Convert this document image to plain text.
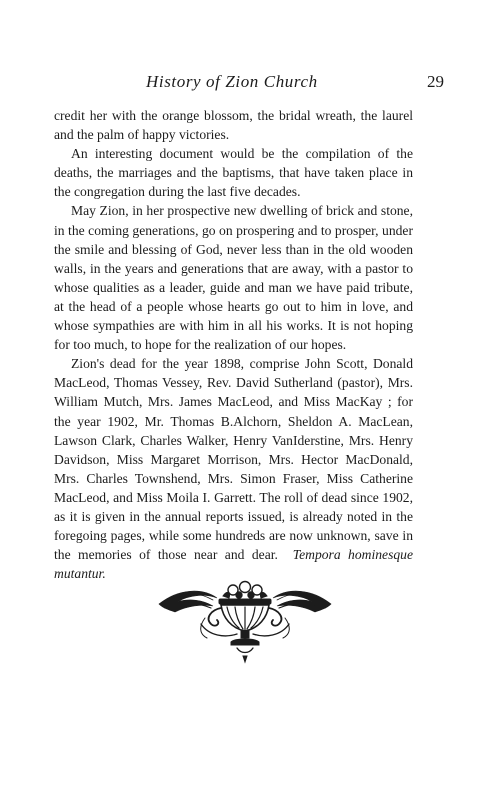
History of Zion Church	29

credit her with the orange blossom, the bridal wreath, the laurel and the palm of happy victories.

An interesting document would be the compilation of the deaths, the marriages and the baptisms, that have taken place in the congregation during the last five decades.

May Zion, in her prospective new dwelling of brick and stone, in the coming generations, go on prospering and to prosper, under the smile and blessing of God, never less than in the old wooden walls, in the years and generations that are away, with a pastor to whose qualities as a leader, guide and man we have paid tribute, at the head of a people whose hearts go out to him in love, and whose sympathies are with him in all his works. It is not hoping for too much, to hope for the realization of our hopes.

Zion's dead for the year 1898, comprise John Scott, Donald MacLeod, Thomas Vessey, Rev. David Sutherland (pastor), Mrs. William Mutch, Mrs. James MacLeod, and Miss MacKay ; for the year 1902, Mr. Thomas B.Alchorn, Sheldon A. MacLean, Lawson Clark, Charles Walker, Henry VanIderstine, Mrs. Henry Davidson, Miss Margaret Morrison, Mrs. Hector MacDonald, Mrs. Charles Townshend, Mrs. Simon Fraser, Miss Catherine MacLeod, and Miss Moila I. Garrett. The roll of dead since 1902, as it is given in the annual reports issued, is already noted in the foregoing pages, while some hundreds are now unknown, save in the memories of those near and dear. Tempora hominesque mutantur.
